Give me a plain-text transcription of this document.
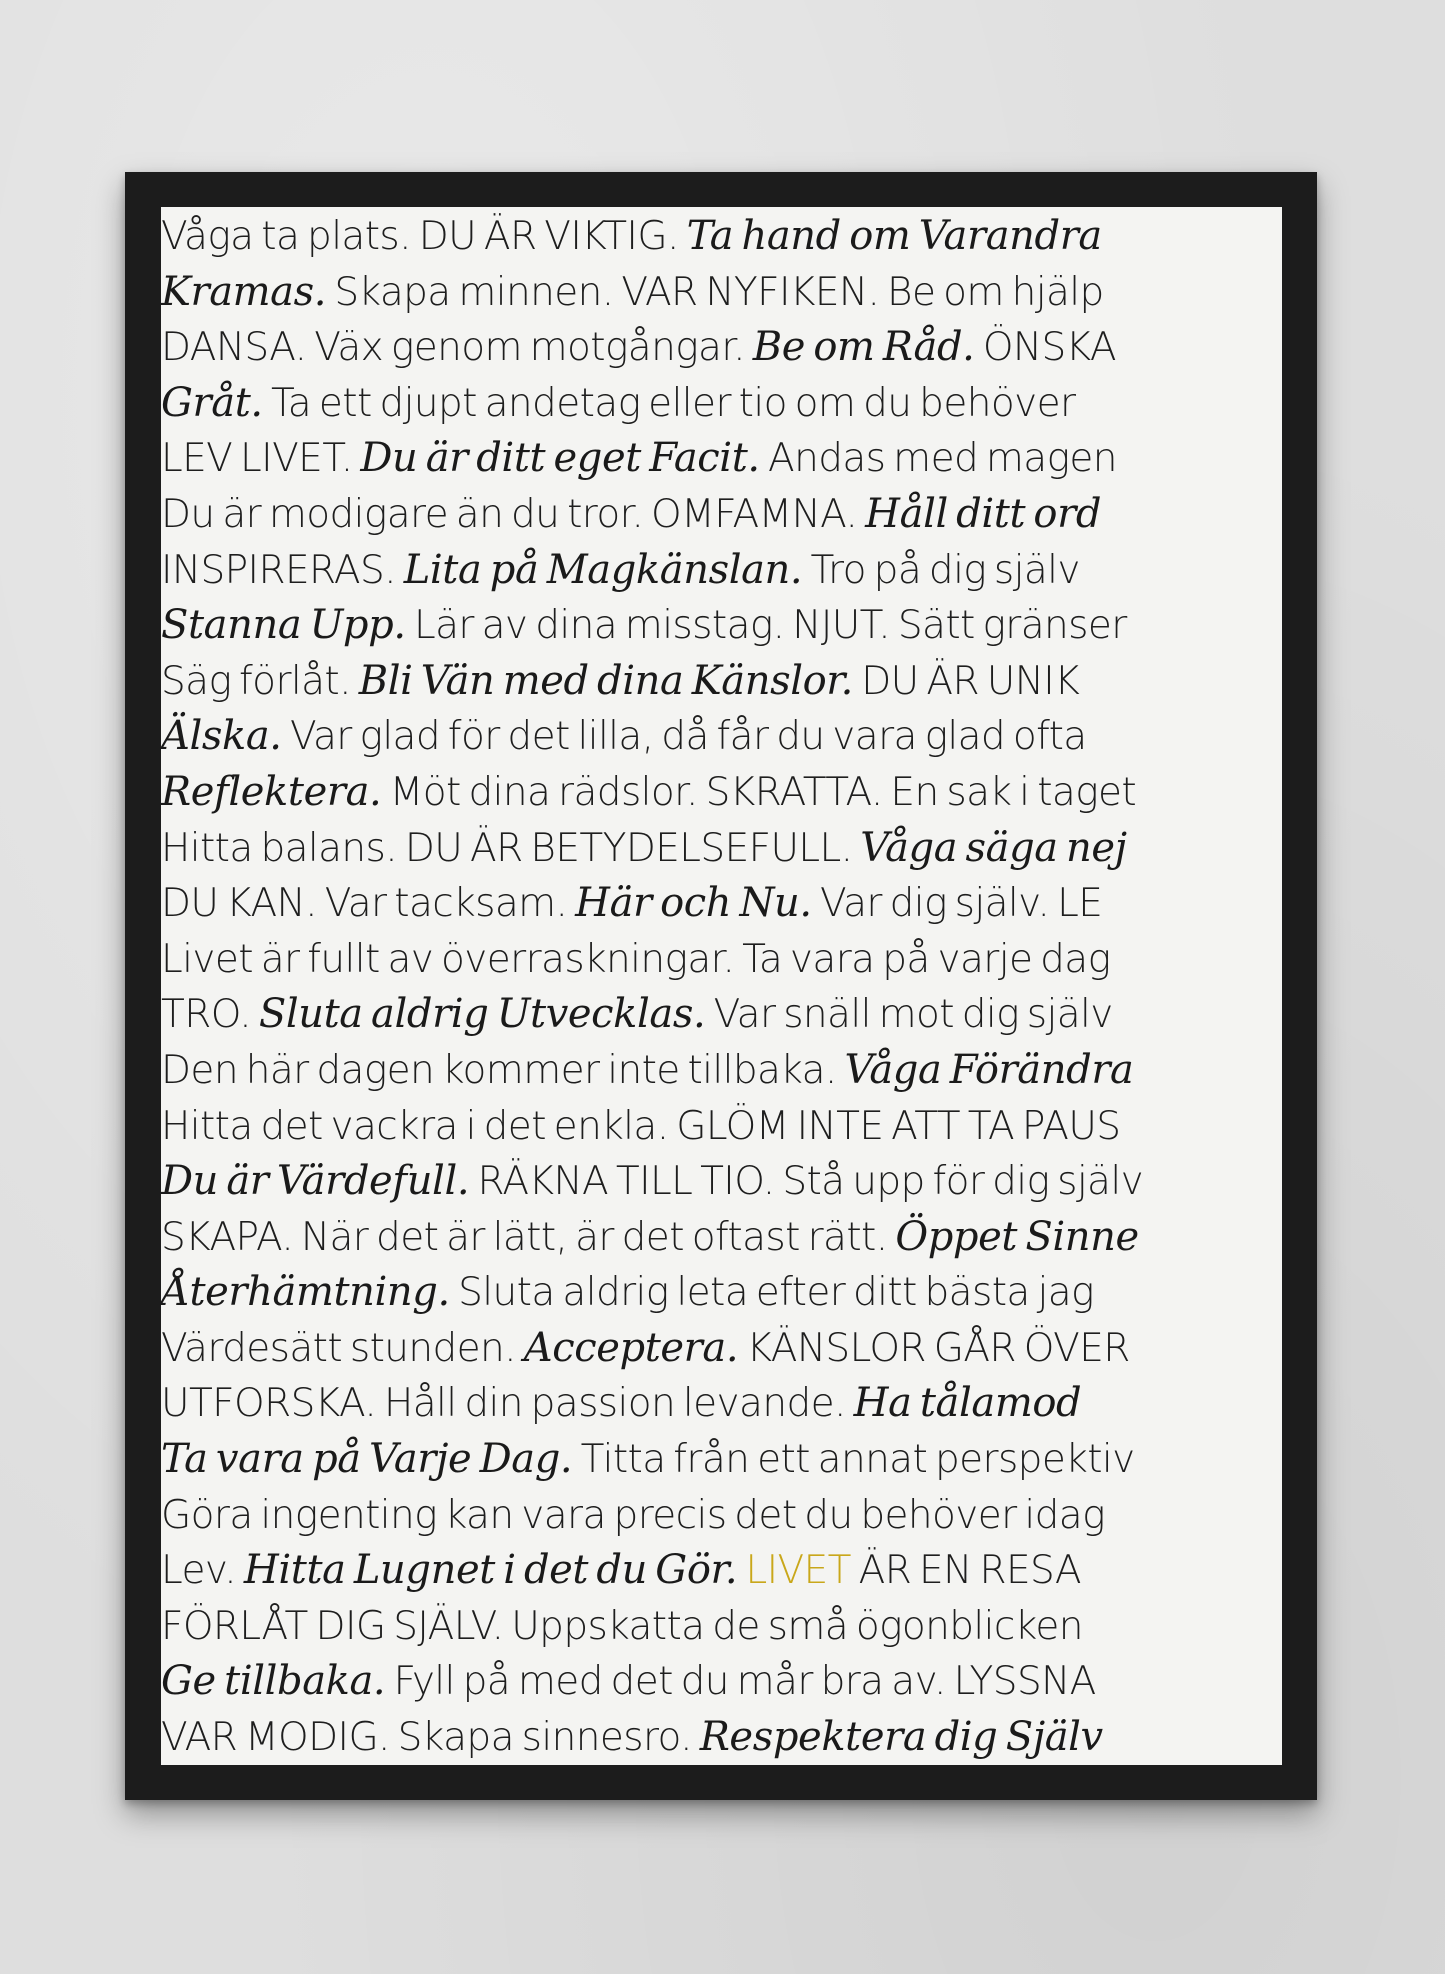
Våga ta plats. DU ÄR VIKTIG. Ta hand om Varandra
Kramas. Skapa minnen. VAR NYFIKEN. Be om hjälp
DANSA. Väx genom motgångar. Be om Råd. ÖNSKA
Gråt. Ta ett djupt andetag eller tio om du behöver
LEV LIVET. Du är ditt eget Facit. Andas med magen
Du är modigare än du tror. OMFAMNA. Håll ditt ord
INSPIRERAS. Lita på Magkänslan. Tro på dig själv
Stanna Upp. Lär av dina misstag. NJUT. Sätt gränser
Säg förlåt. Bli Vän med dina Känslor. DU ÄR UNIK
Älska. Var glad för det lilla, då får du vara glad ofta
Reflektera. Möt dina rädslor. SKRATTA. En sak i taget
Hitta balans. DU ÄR BETYDELSEFULL. Våga säga nej
DU KAN. Var tacksam. Här och Nu. Var dig själv. LE
Livet är fullt av överraskningar. Ta vara på varje dag
TRO. Sluta aldrig Utvecklas. Var snäll mot dig själv
Den här dagen kommer inte tillbaka. Våga Förändra
Hitta det vackra i det enkla. GLÖM INTE ATT TA PAUS
Du är Värdefull. RÄKNA TILL TIO. Stå upp för dig själv
SKAPA. När det är lätt, är det oftast rätt. Öppet Sinne
Återhämtning. Sluta aldrig leta efter ditt bästa jag
Värdesätt stunden. Acceptera. KÄNSLOR GÅR ÖVER
UTFORSKA. Håll din passion levande. Ha tålamod
Ta vara på Varje Dag. Titta från ett annat perspektiv
Göra ingenting kan vara precis det du behöver idag
Lev. Hitta Lugnet i det du Gör. LIVET ÄR EN RESA
FÖRLÅT DIG SJÄLV. Uppskatta de små ögonblicken
Ge tillbaka. Fyll på med det du mår bra av. LYSSNA
VAR MODIG. Skapa sinnesro. Respektera dig Själv
